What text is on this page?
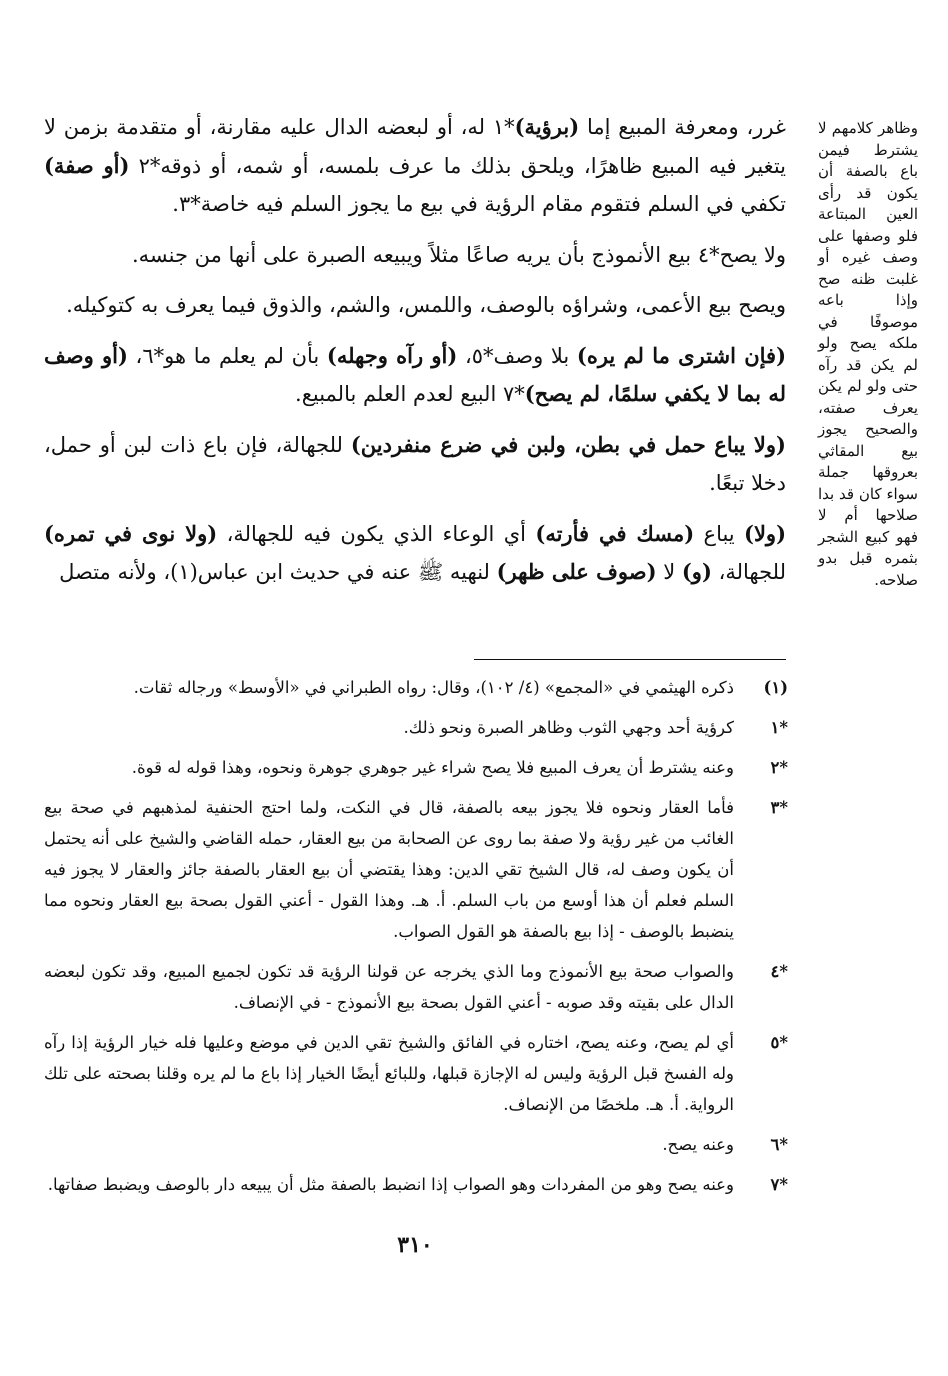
وظاهر كلامهم لا يشترط فيمن باع بالصفة أن يكون قد رأى العين المبتاعة فلو وصفها على وصف غيره أو غلبت ظنه صح وإذا باعه موصوفًا في ملكه يصح ولو لم يكن قد رآه حتى ولو لم يكن يعرف صفته، والصحيح يجوز بيع المقاثي بعروقها جملة سواء كان قد بدا صلاحها أم لا فهو كبيع الشجر بثمره قبل بدو صلاحه.

غرر، ومعرفة المبيع إما (برؤية)*١ له، أو لبعضه الدال عليه مقارنة، أو متقدمة بزمن لا يتغير فيه المبيع ظاهرًا، ويلحق بذلك ما عرف بلمسه، أو شمه، أو ذوقه*٢ (أو صفة) تكفي في السلم فتقوم مقام الرؤية في بيع ما يجوز السلم فيه خاصة*٣.

ولا يصح*٤ بيع الأنموذج بأن يريه صاعًا مثلاً ويبيعه الصبرة على أنها من جنسه.

ويصح بيع الأعمى، وشراؤه بالوصف، واللمس، والشم، والذوق فيما يعرف به كتوكيله.

(فإن اشترى ما لم يره) بلا وصف*٥، (أو رآه وجهله) بأن لم يعلم ما هو*٦، (أو وصف له بما لا يكفي سلمًا، لم يصح)*٧ البيع لعدم العلم بالمبيع.

(ولا يباع حمل في بطن، ولبن في ضرع منفردين) للجهالة، فإن باع ذات لبن أو حمل، دخلا تبعًا.

(ولا) يباع (مسك في فأرته) أي الوعاء الذي يكون فيه للجهالة، (ولا نوى في تمره) للجهالة، (و) لا (صوف على ظهر) لنهيه ﷺ عنه في حديث ابن عباس(١)، ولأنه متصل

(١)
ذكره الهيثمي في «المجمع» (٤/ ١٠٢)، وقال: رواه الطبراني في «الأوسط» ورجاله ثقات.
*١
كرؤية أحد وجهي الثوب وظاهر الصبرة ونحو ذلك.
*٢
وعنه يشترط أن يعرف المبيع فلا يصح شراء غير جوهري جوهرة ونحوه، وهذا قوله له قوة.
*٣
فأما العقار ونحوه فلا يجوز بيعه بالصفة، قال في النكت، ولما احتج الحنفية لمذهبهم في صحة بيع الغائب من غير رؤية ولا صفة بما روى عن الصحابة من بيع العقار، حمله القاضي والشيخ على أنه يحتمل أن يكون وصف له، قال الشيخ تقي الدين: وهذا يقتضي أن بيع العقار بالصفة جائز والعقار لا يجوز فيه السلم فعلم أن هذا أوسع من باب السلم. أ. هـ. وهذا القول - أعني القول بصحة بيع العقار ونحوه مما ينضبط بالوصف - إذا بيع بالصفة هو القول الصواب.
*٤
والصواب صحة بيع الأنموذج وما الذي يخرجه عن قولنا الرؤية قد تكون لجميع المبيع، وقد تكون لبعضه الدال على بقيته وقد صوبه - أعني القول بصحة بيع الأنموذج - في الإنصاف.
*٥
أي لم يصح، وعنه يصح، اختاره في الفائق والشيخ تقي الدين في موضع وعليها فله خيار الرؤية إذا رآه وله الفسخ قبل الرؤية وليس له الإجازة قبلها، وللبائع أيضًا الخيار إذا باع ما لم يره وقلنا بصحته على تلك الرواية. أ. هـ. ملخصًا من الإنصاف.
*٦
وعنه يصح.
*٧
وعنه يصح وهو من المفردات وهو الصواب إذا انضبط بالصفة مثل أن يبيعه دار بالوصف ويضبط صفاتها.
٣١٠
